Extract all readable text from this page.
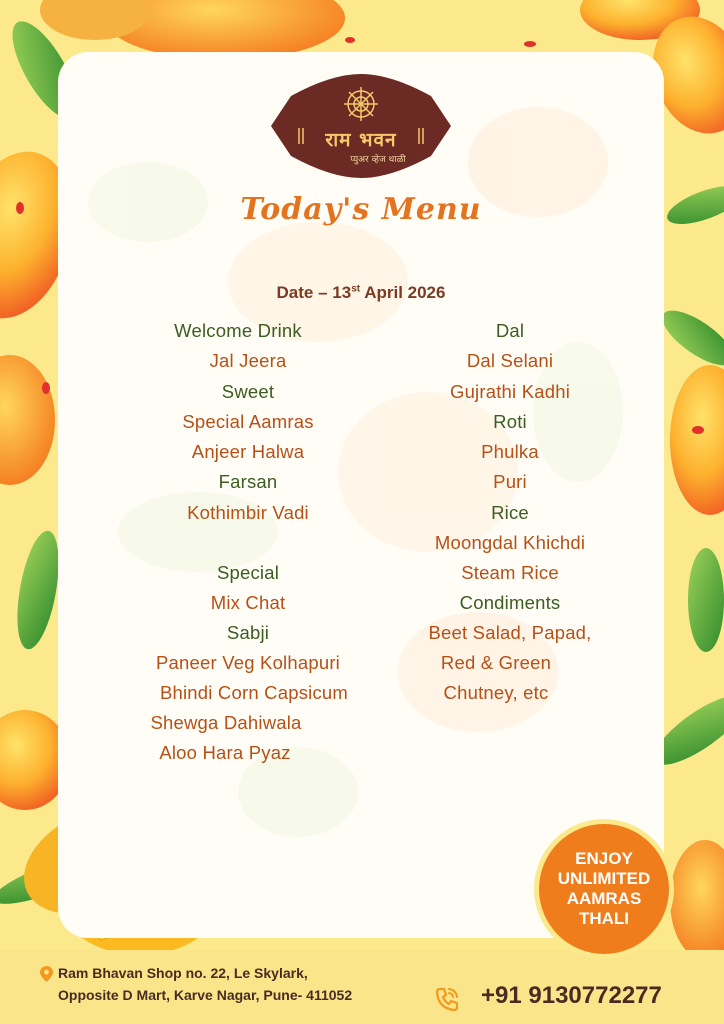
राम भवन
प्युअर व्हेज थाळी
Today's Menu
Date – 13st April 2026
Welcome Drink
Jal Jeera
Sweet
Special Aamras
Anjeer Halwa
Farsan
Kothimbir Vadi
Special
Mix Chat
Sabji
Paneer Veg Kolhapuri
Bhindi Corn Capsicum
Shewga Dahiwala
Aloo Hara Pyaz
Dal
Dal Selani
Gujrathi Kadhi
Roti
Phulka
Puri
Rice
Moongdal Khichdi
Steam Rice
Condiments
Beet Salad, Papad,
Red & Green
Chutney, etc
ENJOY
UNLIMITED
AAMRAS
THALI
Ram Bhavan Shop no. 22, Le Skylark,
Opposite D Mart, Karve Nagar, Pune- 411052	+91 9130772277
